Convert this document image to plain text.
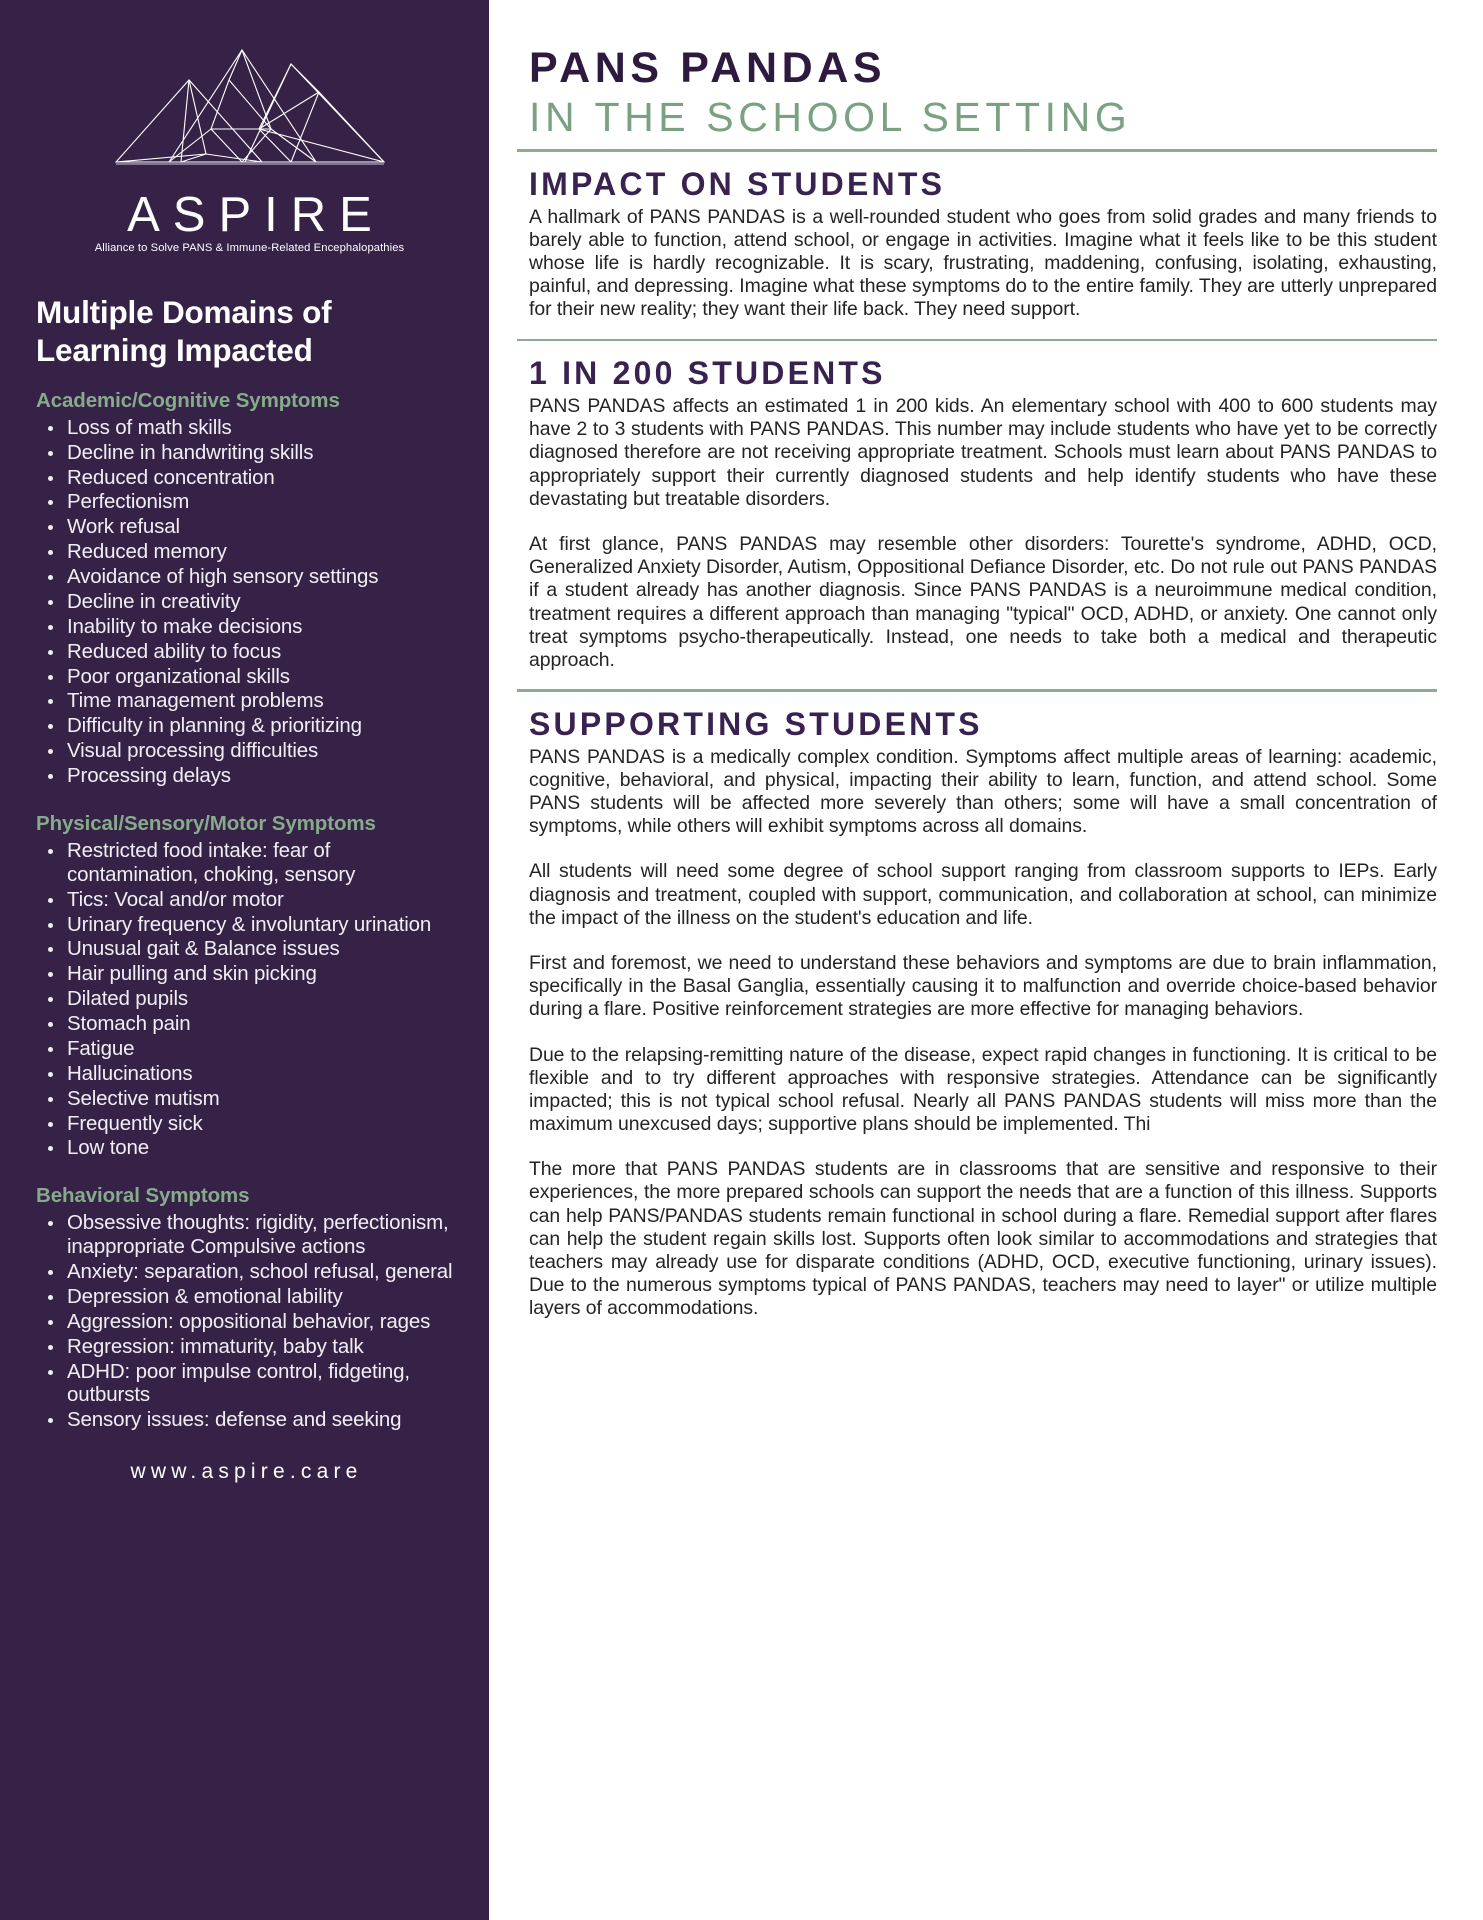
ASPIRE
Alliance to Solve PANS & Immune-Related Encephalopathies
Multiple Domains of Learning Impacted
Academic/Cognitive Symptoms
Loss of math skills
Decline in handwriting skills
Reduced concentration
Perfectionism
Work refusal
Reduced memory
Avoidance of high sensory settings
Decline in creativity
Inability to make decisions
Reduced ability to focus
Poor organizational skills
Time management problems
Difficulty in planning & prioritizing
Visual processing difficulties
Processing delays
Physical/Sensory/Motor Symptoms
Restricted food intake: fear of contamination, choking, sensory
Tics: Vocal and/or motor
Urinary frequency & involuntary urination
Unusual gait & Balance issues
Hair pulling and skin picking
Dilated pupils
Stomach pain
Fatigue
Hallucinations
Selective mutism
Frequently sick
Low tone
Behavioral Symptoms
Obsessive thoughts: rigidity, perfectionism, inappropriate Compulsive actions
Anxiety: separation, school refusal, general
Depression & emotional lability
Aggression: oppositional behavior, rages
Regression: immaturity, baby talk
ADHD: poor impulse control, fidgeting, outbursts
Sensory issues: defense and seeking
www.aspire.care
PANS PANDAS
IN THE SCHOOL SETTING
IMPACT ON STUDENTS

A hallmark of PANS PANDAS is a well-rounded student who goes from solid grades and many friends to barely able to function, attend school, or engage in activities. Imagine what it feels like to be this student whose life is hardly recognizable. It is scary, frustrating, maddening, confusing, isolating, exhausting, painful, and depressing. Imagine what these symptoms do to the entire family. They are utterly unprepared for their new reality; they want their life back. They need support.

1 IN 200 STUDENTS

PANS PANDAS affects an estimated 1 in 200 kids. An elementary school with 400 to 600 students may have 2 to 3 students with PANS PANDAS. This number may include students who have yet to be correctly diagnosed therefore are not receiving appropriate treatment. Schools must learn about PANS PANDAS to appropriately support their currently diagnosed students and help identify students who have these devastating but treatable disorders.

At first glance, PANS PANDAS may resemble other disorders: Tourette's syndrome, ADHD, OCD, Generalized Anxiety Disorder, Autism, Oppositional Defiance Disorder, etc. Do not rule out PANS PANDAS if a student already has another diagnosis. Since PANS PANDAS is a neuroimmune medical condition, treatment requires a different approach than managing "typical" OCD, ADHD, or anxiety. One cannot only treat symptoms psycho-therapeutically. Instead, one needs to take both a medical and therapeutic approach.

SUPPORTING STUDENTS

PANS PANDAS is a medically complex condition. Symptoms affect multiple areas of learning: academic, cognitive, behavioral, and physical, impacting their ability to learn, function, and attend school. Some PANS students will be affected more severely than others; some will have a small concentration of symptoms, while others will exhibit symptoms across all domains.

All students will need some degree of school support ranging from classroom supports to IEPs. Early diagnosis and treatment, coupled with support, communication, and collaboration at school, can minimize the impact of the illness on the student's education and life.

First and foremost, we need to understand these behaviors and symptoms are due to brain inflammation, specifically in the Basal Ganglia, essentially causing it to malfunction and override choice-based behavior during a flare. Positive reinforcement strategies are more effective for managing behaviors.

Due to the relapsing-remitting nature of the disease, expect rapid changes in functioning. It is critical to be flexible and to try different approaches with responsive strategies. Attendance can be significantly impacted; this is not typical school refusal. Nearly all PANS PANDAS students will miss more than the maximum unexcused days; supportive plans should be implemented. Thi

The more that PANS PANDAS students are in classrooms that are sensitive and responsive to their experiences, the more prepared schools can support the needs that are a function of this illness. Supports can help PANS/PANDAS students remain functional in school during a flare. Remedial support after flares can help the student regain skills lost. Supports often look similar to accommodations and strategies that teachers may already use for disparate conditions (ADHD, OCD, executive functioning, urinary issues). Due to the numerous symptoms typical of PANS PANDAS, teachers may need to layer" or utilize multiple layers of accommodations.
